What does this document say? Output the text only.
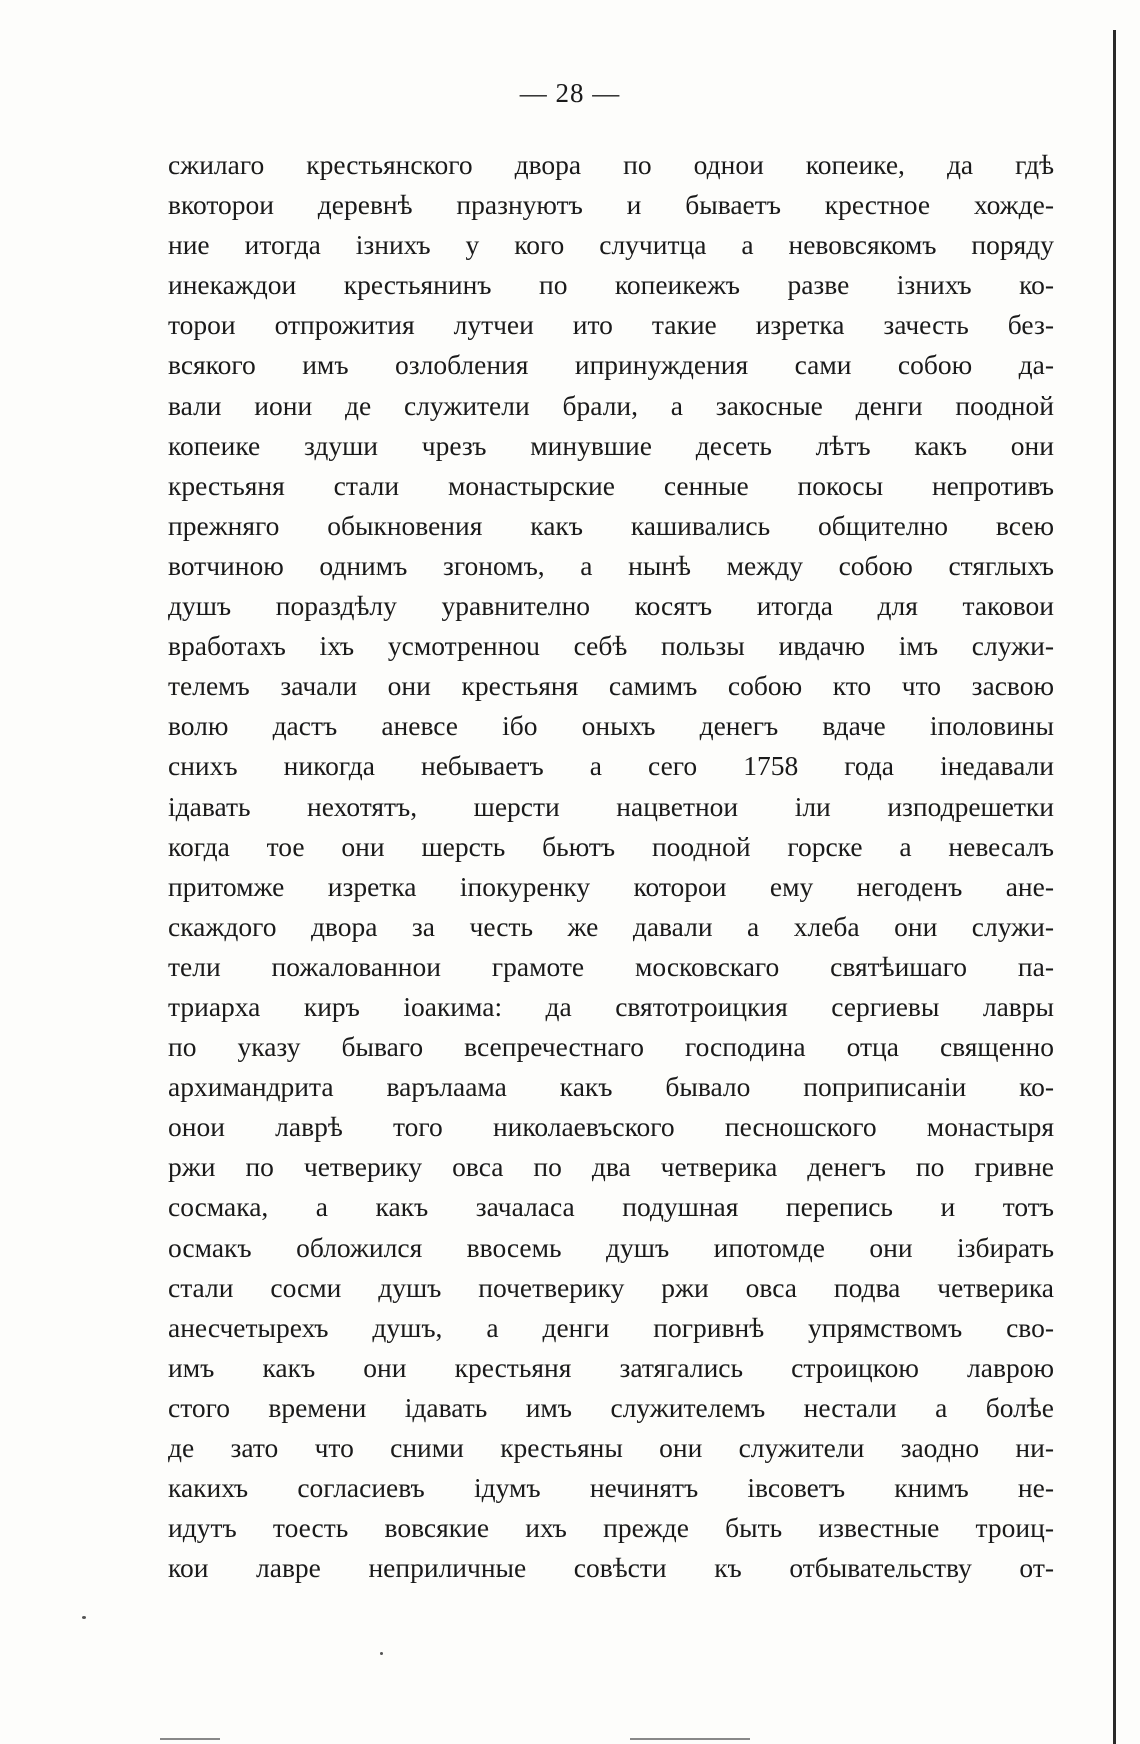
— 28 —
сжилаго крестьянского двора по однои копеике, да гдѣ
вкоторои деревнѣ празнуютъ и бываетъ крестное хожде-
ние итогда iзнихъ у кого случитца а невовсякомъ поряду
инекаждои крестьянинъ по копеикежъ разве iзнихъ ко-
торои отпрожития лутчеи ито такие изретка зачесть без-
всякого имъ озлобления ипринуждения сами собою да-
вали иони де служители брали, а закосные денги поодной
копеике здуши чрезъ минувшие десеть лѣтъ какъ они
крестьяня стали монастырские сенные покосы непротивъ
прежняго обыкновения какъ кашивались общително всею
вотчиною однимъ згономъ, а нынѣ между собою стяглыхъ
душъ пораздѣлу уравнително косятъ итогда для таковои
вработахъ iхъ усмотренноu себѣ пользы ивдачю iмъ служи-
телемъ зачали они крестьяня самимъ собою кто что засвою
волю дастъ аневсе iбо оныхъ денегъ вдаче iполовины
сниxъ никогда небываетъ а сего 1758 года iнедавали
iдавать нехотятъ, шерсти нацветнои iли изподрешетки
когда тое они шерсть бьютъ поодной горске а невесалъ
притомже изретка iпокуренку которои ему негоденъ ане-
скаждого двора за честь же давали а хлеба они служи-
тели пожалованнои грамоте московскаго святѣишаго па-
триарха киръ iоакима: да святотроицкия сергиевы лавры
по указу бываго всепречестнаго господина отца священно
архимандрита варълаама какъ бывало поприписанiи ко-
онои лаврѣ того николаевъского песношского монастыря
ржи по четверику овса по два четверика денегъ по гривне
сосмака, а какъ зачаласа подушная перепись и тотъ
осмакъ обложился ввосемь душъ ипотомде они iзбирать
стали сосми душъ почетверику ржи овса подва четверика
анесчетырехъ душъ, а денги погривнѣ упрямствомъ сво-
имъ какъ они крестьяня затягались строицкою лаврою
стого времени iдавать имъ служителемъ нестали а болѣе
де зато что сними крестьяны они служители заодно ни-
какихъ согласиевъ iдумъ нечинятъ iвсоветъ книмъ не-
идутъ тоесть вовсякие ихъ прежде быть известные троиц-
кои лавре неприличные совѣсти къ отбывательству от-
